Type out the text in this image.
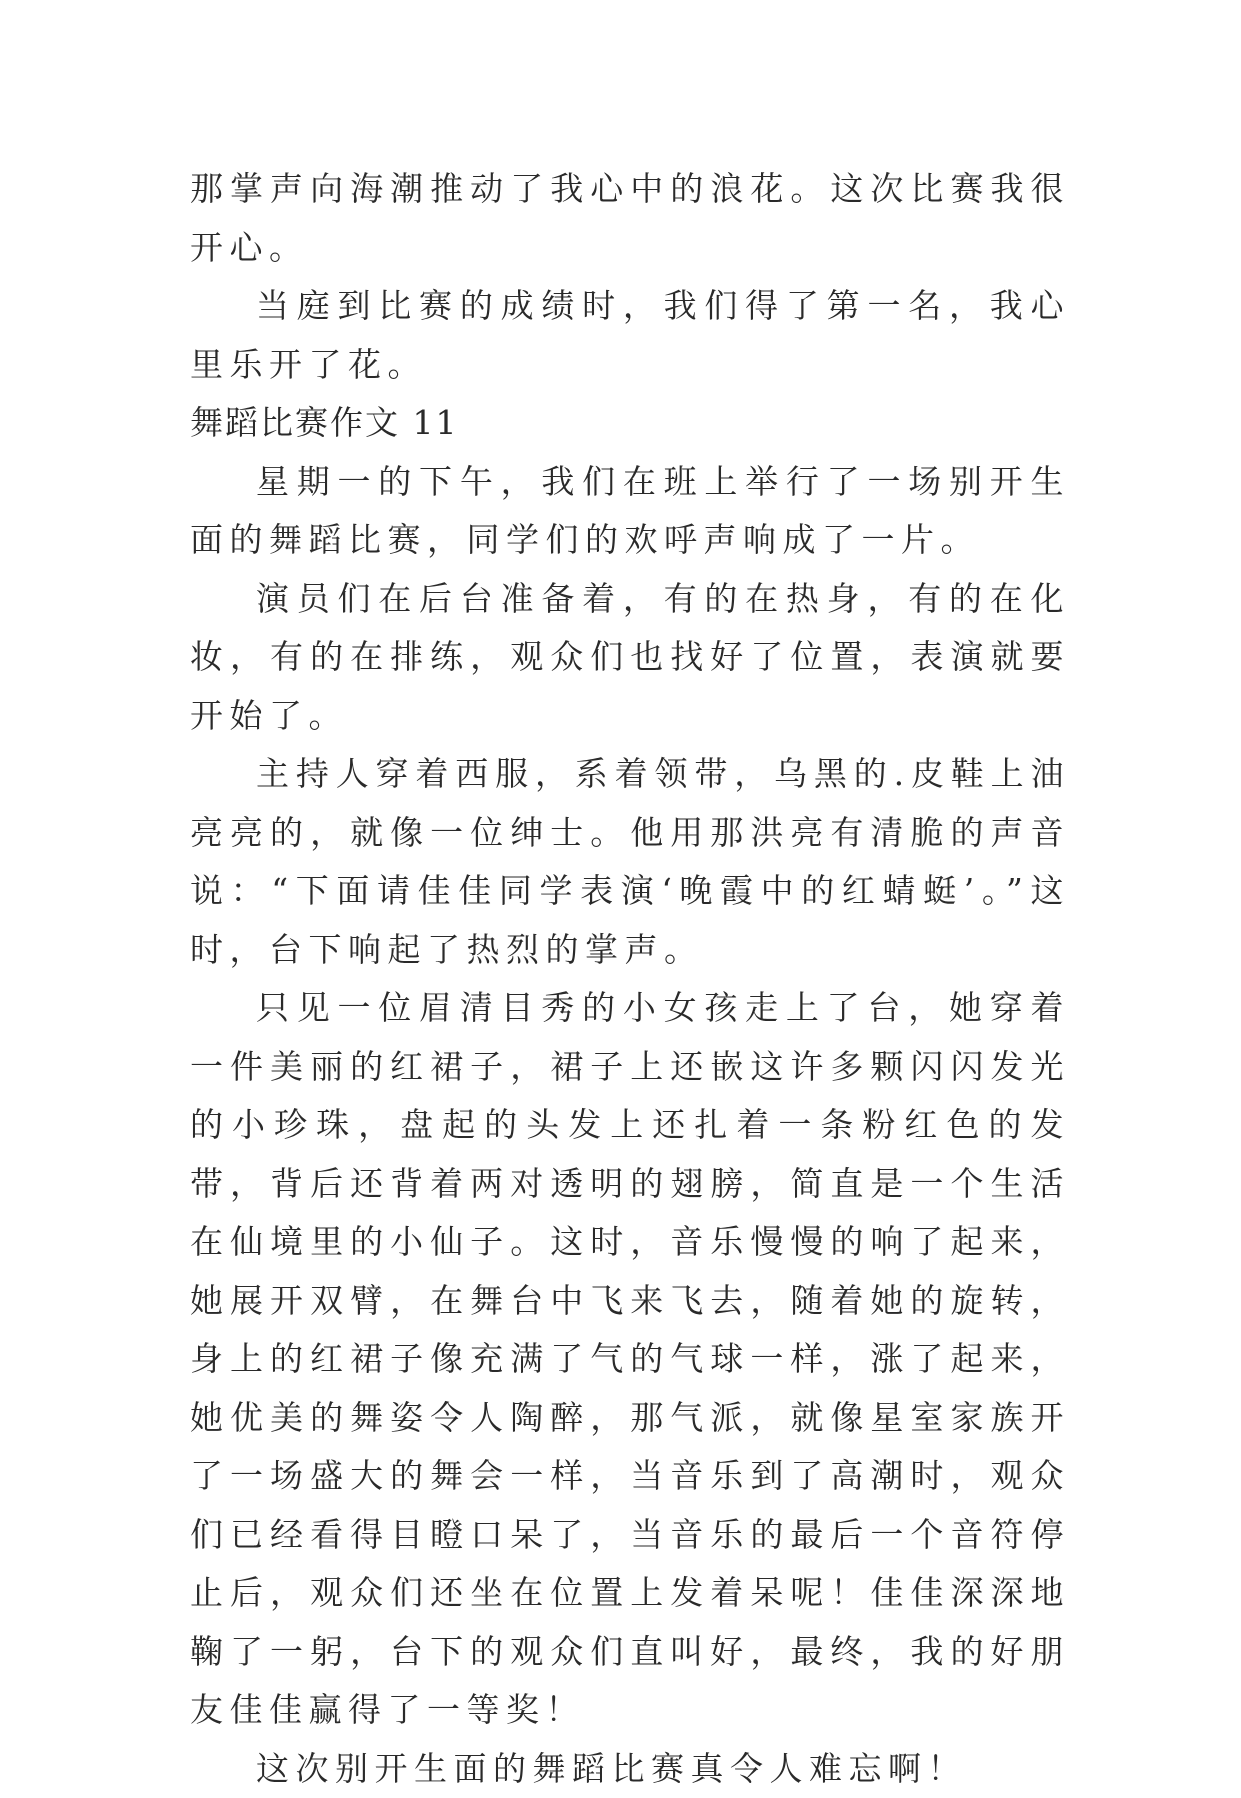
那掌声向海潮推动了我心中的浪花。这次比赛我很开心。

当庭到比赛的成绩时，我们得了第一名，我心里乐开了花。

舞蹈比赛作文 11

星期一的下午，我们在班上举行了一场别开生面的舞蹈比赛，同学们的欢呼声响成了一片。

演员们在后台准备着，有的在热身，有的在化妆，有的在排练，观众们也找好了位置，表演就要开始了。

主持人穿着西服，系着领带，乌黑的.皮鞋上油亮亮的，就像一位绅士。他用那洪亮有清脆的声音说：“下面请佳佳同学表演‘晚霞中的红蜻蜓’。”这时，台下响起了热烈的掌声。

只见一位眉清目秀的小女孩走上了台，她穿着一件美丽的红裙子，裙子上还嵌这许多颗闪闪发光的小珍珠，盘起的头发上还扎着一条粉红色的发带，背后还背着两对透明的翅膀，简直是一个生活在仙境里的小仙子。这时，音乐慢慢的响了起来，她展开双臂，在舞台中飞来飞去，随着她的旋转，身上的红裙子像充满了气的气球一样，涨了起来，她优美的舞姿令人陶醉，那气派，就像星室家族开了一场盛大的舞会一样，当音乐到了高潮时，观众们已经看得目瞪口呆了，当音乐的最后一个音符停止后，观众们还坐在位置上发着呆呢！佳佳深深地鞠了一躬，台下的观众们直叫好，最终，我的好朋友佳佳赢得了一等奖！

这次别开生面的舞蹈比赛真令人难忘啊！
